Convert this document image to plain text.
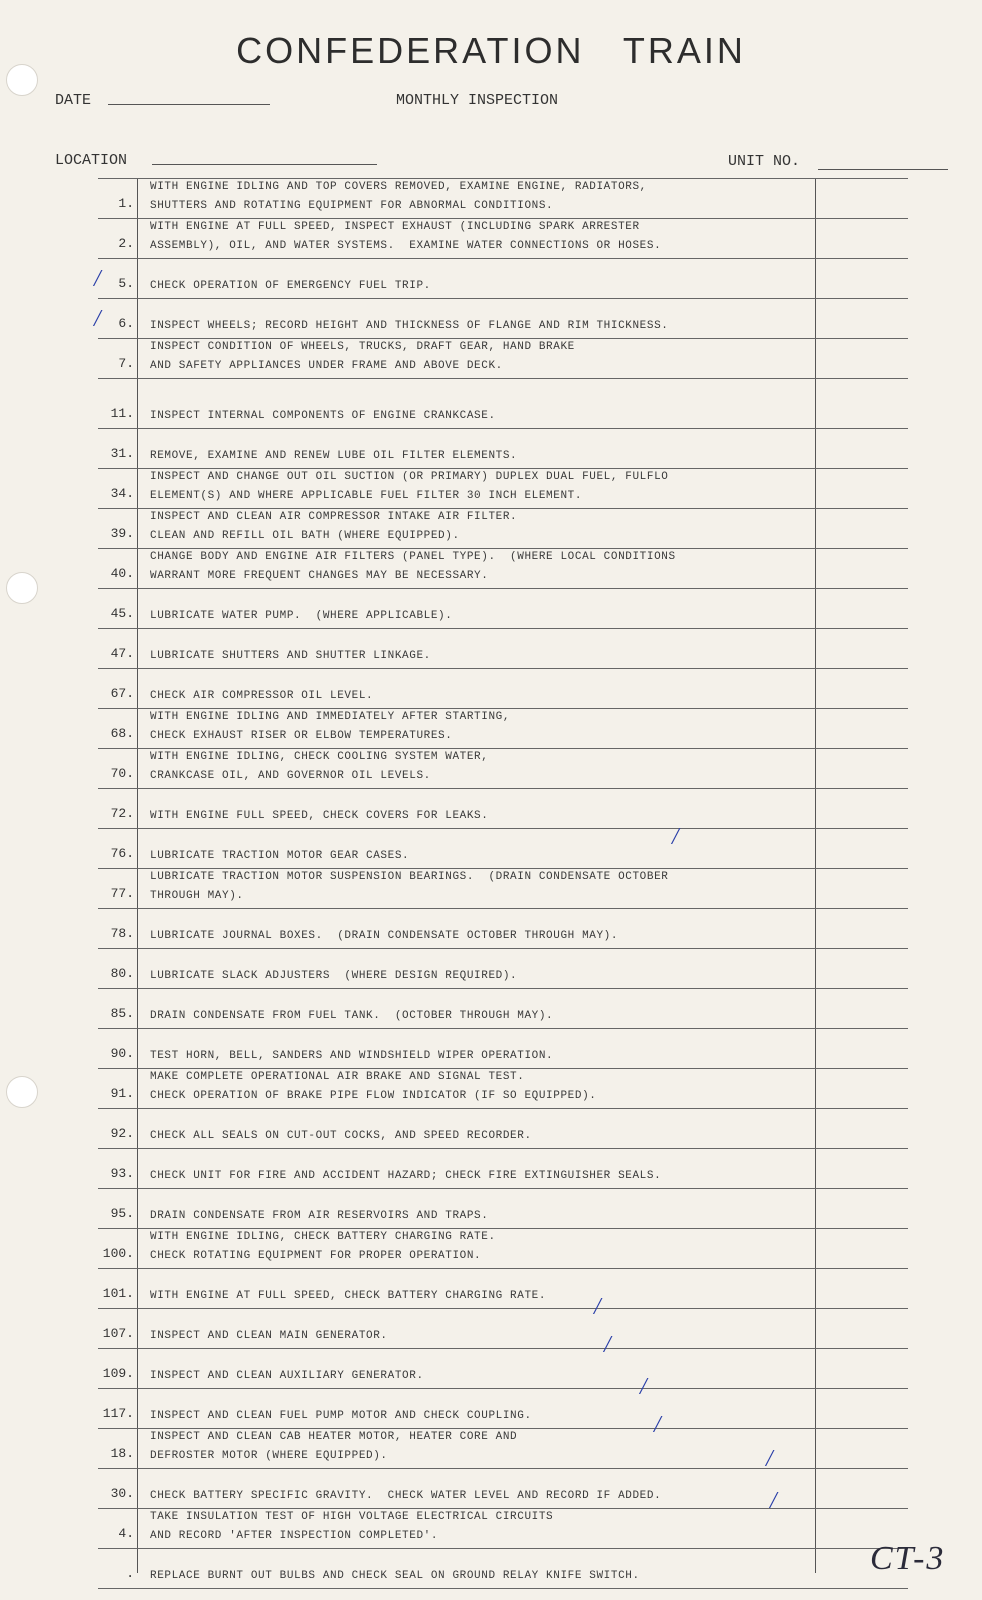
CONFEDERATION TRAIN
DATE	MONTHLY INSPECTION
LOCATION	UNIT NO.
1.
WITH ENGINE IDLING AND TOP COVERS REMOVED, EXAMINE ENGINE, RADIATORS,
SHUTTERS AND ROTATING EQUIPMENT FOR ABNORMAL CONDITIONS.
2.
WITH ENGINE AT FULL SPEED, INSPECT EXHAUST (INCLUDING SPARK ARRESTER
ASSEMBLY), OIL, AND WATER SYSTEMS.  EXAMINE WATER CONNECTIONS OR HOSES.
5. CHECK OPERATION OF EMERGENCY FUEL TRIP.
6. INSPECT WHEELS; RECORD HEIGHT AND THICKNESS OF FLANGE AND RIM THICKNESS.
7.
INSPECT CONDITION OF WHEELS, TRUCKS, DRAFT GEAR, HAND BRAKE
AND SAFETY APPLIANCES UNDER FRAME AND ABOVE DECK.
11. INSPECT INTERNAL COMPONENTS OF ENGINE CRANKCASE.
31. REMOVE, EXAMINE AND RENEW LUBE OIL FILTER ELEMENTS.
34.
INSPECT AND CHANGE OUT OIL SUCTION (OR PRIMARY) DUPLEX DUAL FUEL, FULFLO
ELEMENT(S) AND WHERE APPLICABLE FUEL FILTER 30 INCH ELEMENT.
39.
INSPECT AND CLEAN AIR COMPRESSOR INTAKE AIR FILTER.
CLEAN AND REFILL OIL BATH (WHERE EQUIPPED).
40.
CHANGE BODY AND ENGINE AIR FILTERS (PANEL TYPE).  (WHERE LOCAL CONDITIONS
WARRANT MORE FREQUENT CHANGES MAY BE NECESSARY.
45. LUBRICATE WATER PUMP.  (WHERE APPLICABLE).
47. LUBRICATE SHUTTERS AND SHUTTER LINKAGE.
67. CHECK AIR COMPRESSOR OIL LEVEL.
68.
WITH ENGINE IDLING AND IMMEDIATELY AFTER STARTING,
CHECK EXHAUST RISER OR ELBOW TEMPERATURES.
70.
WITH ENGINE IDLING, CHECK COOLING SYSTEM WATER,
CRANKCASE OIL, AND GOVERNOR OIL LEVELS.
72. WITH ENGINE FULL SPEED, CHECK COVERS FOR LEAKS.
76. LUBRICATE TRACTION MOTOR GEAR CASES.
77.
LUBRICATE TRACTION MOTOR SUSPENSION BEARINGS.  (DRAIN CONDENSATE OCTOBER
THROUGH MAY).
78. LUBRICATE JOURNAL BOXES.  (DRAIN CONDENSATE OCTOBER THROUGH MAY).
80. LUBRICATE SLACK ADJUSTERS  (WHERE DESIGN REQUIRED).
85. DRAIN CONDENSATE FROM FUEL TANK.  (OCTOBER THROUGH MAY).
90. TEST HORN, BELL, SANDERS AND WINDSHIELD WIPER OPERATION.
91.
MAKE COMPLETE OPERATIONAL AIR BRAKE AND SIGNAL TEST.
CHECK OPERATION OF BRAKE PIPE FLOW INDICATOR (IF SO EQUIPPED).
92. CHECK ALL SEALS ON CUT-OUT COCKS, AND SPEED RECORDER.
93. CHECK UNIT FOR FIRE AND ACCIDENT HAZARD; CHECK FIRE EXTINGUISHER SEALS.
95. DRAIN CONDENSATE FROM AIR RESERVOIRS AND TRAPS.
100.
WITH ENGINE IDLING, CHECK BATTERY CHARGING RATE.
CHECK ROTATING EQUIPMENT FOR PROPER OPERATION.
101. WITH ENGINE AT FULL SPEED, CHECK BATTERY CHARGING RATE.
107. INSPECT AND CLEAN MAIN GENERATOR.
109. INSPECT AND CLEAN AUXILIARY GENERATOR.
117. INSPECT AND CLEAN FUEL PUMP MOTOR AND CHECK COUPLING.
18.
INSPECT AND CLEAN CAB HEATER MOTOR, HEATER CORE AND
DEFROSTER MOTOR (WHERE EQUIPPED).
30. CHECK BATTERY SPECIFIC GRAVITY.  CHECK WATER LEVEL AND RECORD IF ADDED.
4.
TAKE INSULATION TEST OF HIGH VOLTAGE ELECTRICAL CIRCUITS
AND RECORD 'AFTER INSPECTION COMPLETED'.
. REPLACE BURNT OUT BULBS AND CHECK SEAL ON GROUND RELAY KNIFE SWITCH.
/
/
/
/
/
/
/
/
/
CT-3
